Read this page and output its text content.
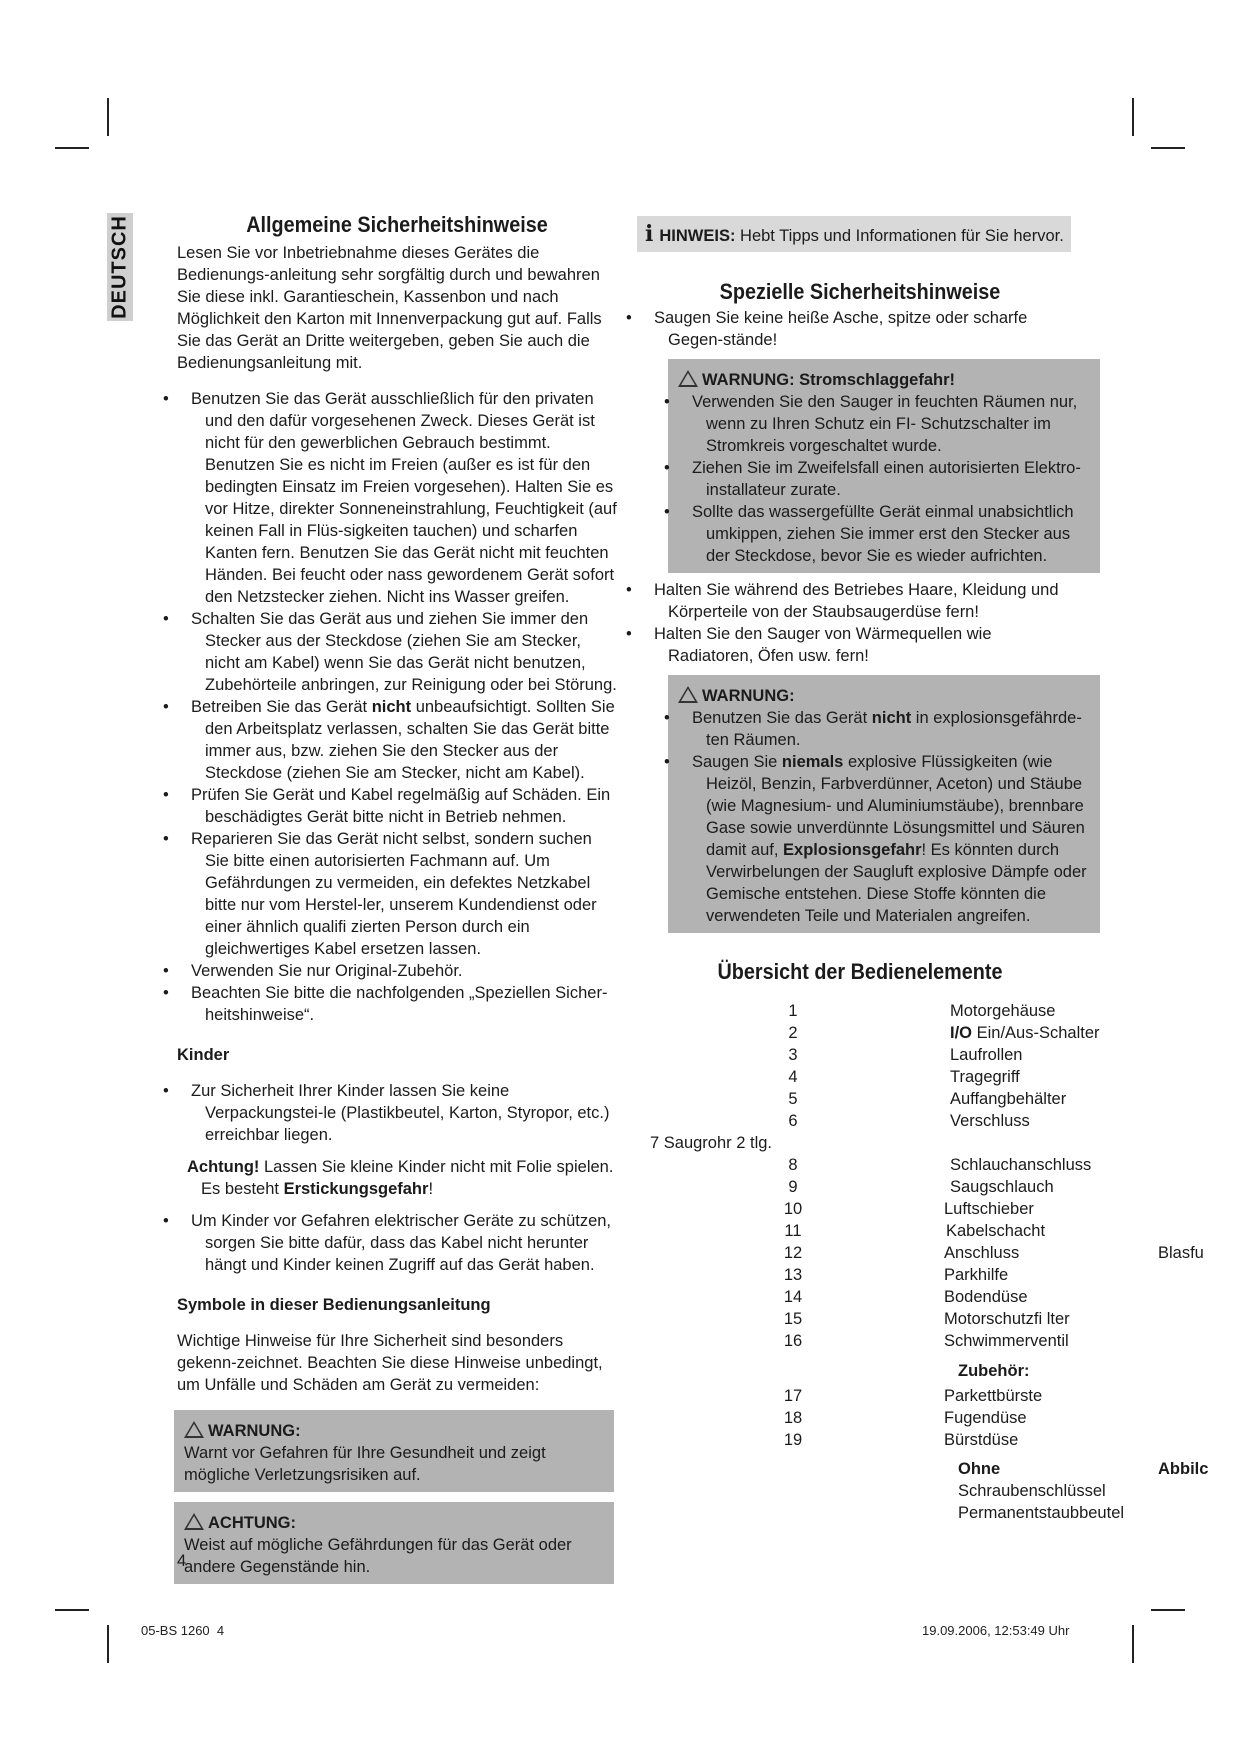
DEUTSCH	Allgemeine Sicherheitshinweise

Lesen Sie vor Inbetriebnahme dieses Gerätes die Bedienungs-anleitung sehr sorgfältig durch und bewahren Sie diese inkl. Garantieschein, Kassenbon und nach Möglichkeit den Karton mit Innenverpackung gut auf. Falls Sie das Gerät an Dritte weitergeben, geben Sie auch die Bedienungsanleitung mit.

• Benutzen Sie das Gerät ausschließlich für den privaten und den dafür vorgesehenen Zweck. Dieses Gerät ist nicht für den gewerblichen Gebrauch bestimmt. Benutzen Sie es nicht im Freien (außer es ist für den bedingten Einsatz im Freien vorgesehen). Halten Sie es vor Hitze, direkter Sonneneinstrahlung, Feuchtigkeit (auf keinen Fall in Flüs-sigkeiten tauchen) und scharfen Kanten fern. Benutzen Sie das Gerät nicht mit feuchten Händen. Bei feucht oder nass gewordenem Gerät sofort den Netzstecker ziehen. Nicht ins Wasser greifen.
• Schalten Sie das Gerät aus und ziehen Sie immer den Stecker aus der Steckdose (ziehen Sie am Stecker, nicht am Kabel) wenn Sie das Gerät nicht benutzen, Zubehörteile anbringen, zur Reinigung oder bei Störung.
• Betreiben Sie das Gerät nicht unbeaufsichtigt. Sollten Sie den Arbeitsplatz verlassen, schalten Sie das Gerät bitte immer aus, bzw. ziehen Sie den Stecker aus der Steckdose (ziehen Sie am Stecker, nicht am Kabel).
• Prüfen Sie Gerät und Kabel regelmäßig auf Schäden. Ein beschädigtes Gerät bitte nicht in Betrieb nehmen.
• Reparieren Sie das Gerät nicht selbst, sondern suchen Sie bitte einen autorisierten Fachmann auf. Um Gefährdungen zu vermeiden, ein defektes Netzkabel bitte nur vom Herstel-ler, unserem Kundendienst oder einer ähnlich qualifi zierten Person durch ein gleichwertiges Kabel ersetzen lassen.
• Verwenden Sie nur Original-Zubehör.
• Beachten Sie bitte die nachfolgenden „Speziellen Sicher-heitshinweise“.
Kinder
• Zur Sicherheit Ihrer Kinder lassen Sie keine Verpackungstei-le (Plastikbeutel, Karton, Styropor, etc.) erreichbar liegen.

Achtung! Lassen Sie kleine Kinder nicht mit Folie spielen. Es besteht Erstickungsgefahr!

• Um Kinder vor Gefahren elektrischer Geräte zu schützen, sorgen Sie bitte dafür, dass das Kabel nicht herunter hängt und Kinder keinen Zugriff auf das Gerät haben.
Symbole in dieser Bedienungsanleitung

Wichtige Hinweise für Ihre Sicherheit sind besonders gekenn-zeichnet. Beachten Sie diese Hinweise unbedingt, um Unfälle und Schäden am Gerät zu vermeiden:

WARNUNG:
Warnt vor Gefahren für Ihre Gesundheit und zeigt mögliche Verletzungsrisiken auf.
ACHTUNG:
Weist auf mögliche Gefährdungen für das Gerät oder andere Gegenstände hin.
4
i HINWEIS: Hebt Tipps und Informationen für Sie hervor.
Spezielle Sicherheitshinweise
• Saugen Sie keine heiße Asche, spitze oder scharfe Gegen-stände!
WARNUNG: Stromschlaggefahr!
• Verwenden Sie den Sauger in feuchten Räumen nur, wenn zu Ihren Schutz ein FI- Schutzschalter im Stromkreis vorgeschaltet wurde.
• Ziehen Sie im Zweifelsfall einen autorisierten Elektro-installateur zurate.
• Sollte das wassergefüllte Gerät einmal unabsichtlich umkippen, ziehen Sie immer erst den Stecker aus der Steckdose, bevor Sie es wieder aufrichten.
• Halten Sie während des Betriebes Haare, Kleidung und Körperteile von der Staubsaugerdüse fern!
• Halten Sie den Sauger von Wärmequellen wie Radiatoren, Öfen usw. fern!
WARNUNG:
• Benutzen Sie das Gerät nicht in explosionsgefährde-ten Räumen.
• Saugen Sie niemals explosive Flüssigkeiten (wie Heizöl, Benzin, Farbverdünner, Aceton) und Stäube (wie Magnesium- und Aluminiumstäube), brennbare Gase sowie unverdünnte Lösungsmittel und Säuren damit auf, Explosionsgefahr! Es könnten durch Verwirbelungen der Saugluft explosive Dämpfe oder Gemische entstehen. Diese Stoffe könnten die verwendeten Teile und Materialen angreifen.
Übersicht der Bedienelemente
1	Motorgehäuse
2	I/O Ein/Aus-Schalter
3	Laufrollen
4	Tragegriff
5	Auffangbehälter
6	Verschluss
7 Saugrohr 2 tlg.
8	Schlauchanschluss
9	Saugschlauch
10	Luftschieber
11	Kabelschacht
12	Anschluss	Blasfu
13	Parkhilfe
14	Bodendüse
15	Motorschutzfi lter
16	Schwimmerventil
Zubehör:
17	Parkettbürste
18	Fugendüse
19	Bürstdüse
Ohne	Abbilc
Schraubenschlüssel
Permanentstaubbeutel
05-BS 1260  4	19.09.2006, 12:53:49 Uhr
